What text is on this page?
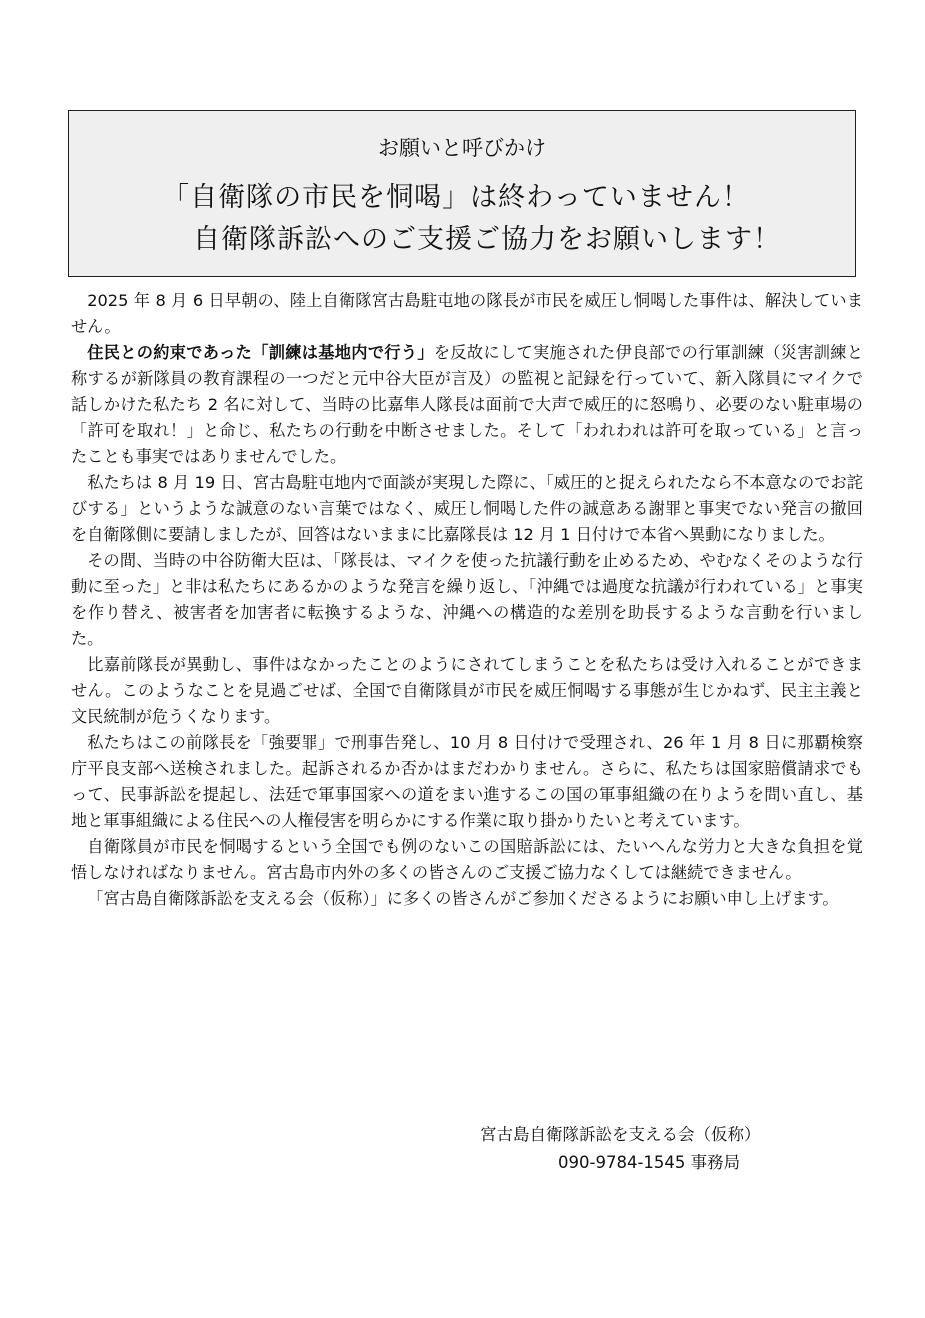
お願いと呼びかけ
「自衛隊の市民を恫喝」は終わっていません！
自衛隊訴訟へのご支援ご協力をお願いします！

2025 年 8 月 6 日早朝の、陸上自衛隊宮古島駐屯地の隊長が市民を威圧し恫喝した事件は、解決していません。

住民との約束であった「訓練は基地内で行う」を反故にして実施された伊良部での行軍訓練（災害訓練と称するが新隊員の教育課程の一つだと元中谷大臣が言及）の監視と記録を行っていて、新入隊員にマイクで話しかけた私たち 2 名に対して、当時の比嘉隼人隊長は面前で大声で威圧的に怒鳴り、必要のない駐車場の「許可を取れ！」と命じ、私たちの行動を中断させました。そして「われわれは許可を取っている」と言ったことも事実ではありませんでした。

私たちは 8 月 19 日、宮古島駐屯地内で面談が実現した際に、「威圧的と捉えられたなら不本意なのでお詫びする」というような誠意のない言葉ではなく、威圧し恫喝した件の誠意ある謝罪と事実でない発言の撤回を自衛隊側に要請しましたが、回答はないままに比嘉隊長は 12 月 1 日付けで本省へ異動になりました。

その間、当時の中谷防衛大臣は、「隊長は、マイクを使った抗議行動を止めるため、やむなくそのような行動に至った」と非は私たちにあるかのような発言を繰り返し、「沖縄では過度な抗議が行われている」と事実を作り替え、被害者を加害者に転換するような、沖縄への構造的な差別を助長するような言動を行いました。

比嘉前隊長が異動し、事件はなかったことのようにされてしまうことを私たちは受け入れることができません。このようなことを見過ごせば、全国で自衛隊員が市民を威圧恫喝する事態が生じかねず、民主主義と文民統制が危うくなります。

私たちはこの前隊長を「強要罪」で刑事告発し、10 月 8 日付けで受理され、26 年 1 月 8 日に那覇検察庁平良支部へ送検されました。起訴されるか否かはまだわかりません。さらに、私たちは国家賠償請求でもって、民事訴訟を提起し、法廷で軍事国家への道をまい進するこの国の軍事組織の在りようを問い直し、基地と軍事組織による住民への人権侵害を明らかにする作業に取り掛かりたいと考えています。

自衛隊員が市民を恫喝するという全国でも例のないこの国賠訴訟には、たいへんな労力と大きな負担を覚悟しなければなりません。宮古島市内外の多くの皆さんのご支援ご協力なくしては継続できません。

「宮古島自衛隊訴訟を支える会（仮称）」に多くの皆さんがご参加くださるようにお願い申し上げます。

宮古島自衛隊訴訟を支える会（仮称）
090-9784-1545 事務局
